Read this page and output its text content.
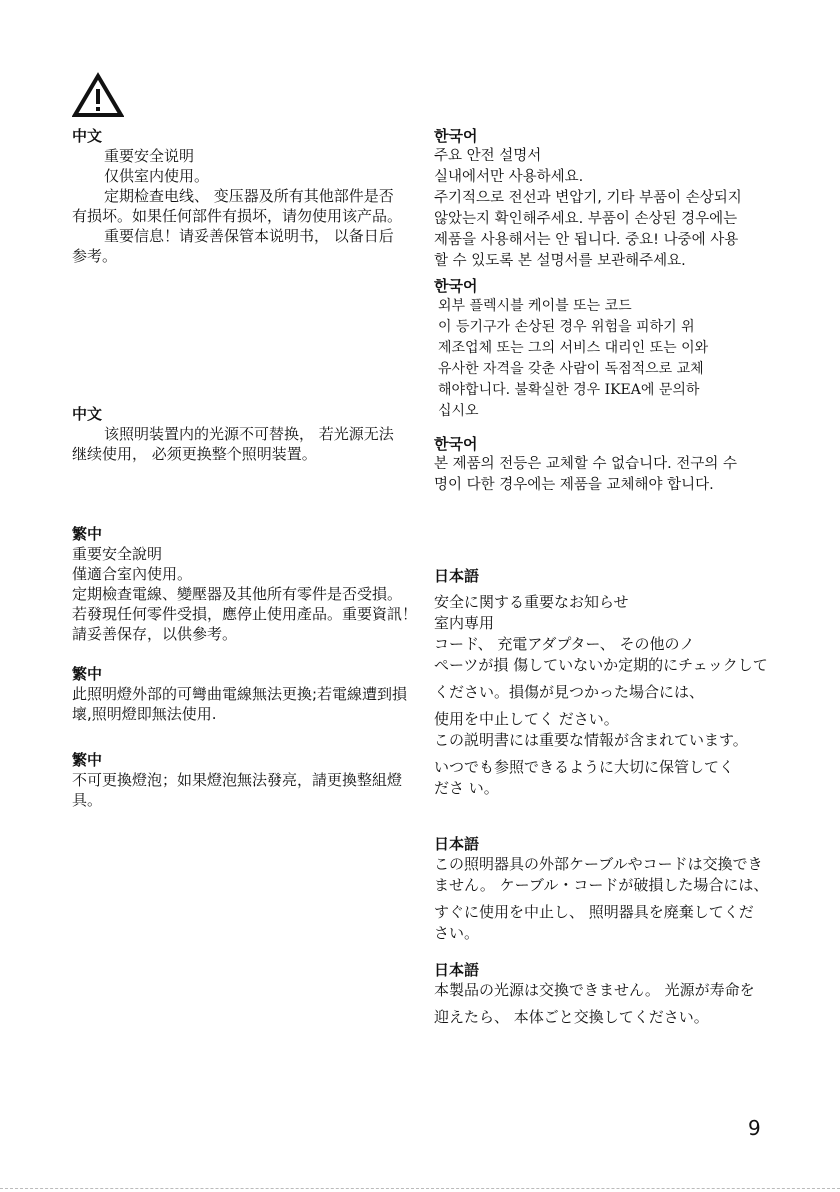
中文

重要安全说明

仅供室内使用。

定期检查电线、 变压器及所有其他部件是否

有损坏。如果任何部件有损坏，请勿使用该产品。

重要信息！请妥善保管本说明书， 以备日后

参考。

中文

该照明装置内的光源不可替换， 若光源无法

继续使用， 必须更换整个照明装置。

繁中

重要安全說明

僅適合室內使用。

定期檢查電線、變壓器及其他所有零件是否受損。

若發現任何零件受損，應停止使用產品。重要資訊！

請妥善保存，以供參考。

繁中

此照明燈外部的可彎曲電線無法更換;若電線遭到損

壞,照明燈即無法使用.

繁中

不可更換燈泡；如果燈泡無法發亮，請更換整組燈

具。

한국어

주요 안전 설명서

실내에서만 사용하세요.

주기적으로 전선과 변압기, 기타 부품이 손상되지

않았는지 확인해주세요. 부품이 손상된 경우에는

제품을 사용해서는 안 됩니다. 중요! 나중에 사용

할 수 있도록 본 설명서를 보관해주세요.

한국어

외부 플렉시블 케이블 또는 코드

이 등기구가 손상된 경우 위험을 피하기 위

제조업체 또는 그의 서비스 대리인 또는 이와

유사한 자격을 갖춘 사람이 독점적으로 교체

해야합니다. 불확실한 경우 IKEA에 문의하

십시오

한국어

본 제품의 전등은 교체할 수 없습니다. 전구의 수

명이 다한 경우에는 제품을 교체해야 합니다.

日本語

安全に関する重要なお知らせ

室内専用

コード、 充電アダプター、 その他のノ

ぺーツが損 傷していないか定期的にチェックして

ください。損傷が見つかった場合には、

使用を中止してく ださい。

この説明書には重要な情報が含まれています。

いつでも参照できるように大切に保管してく

ださ い。

日本語

この照明器具の外部ケーブルやコードは交換でき

ません。 ケーブル・コードが破損した場合には、

すぐに使用を中止し、 照明器具を廃棄してくだ

さい。

日本語

本製品の光源は交換できません。 光源が寿命を

迎えたら、 本体ごと交換してください。

9
